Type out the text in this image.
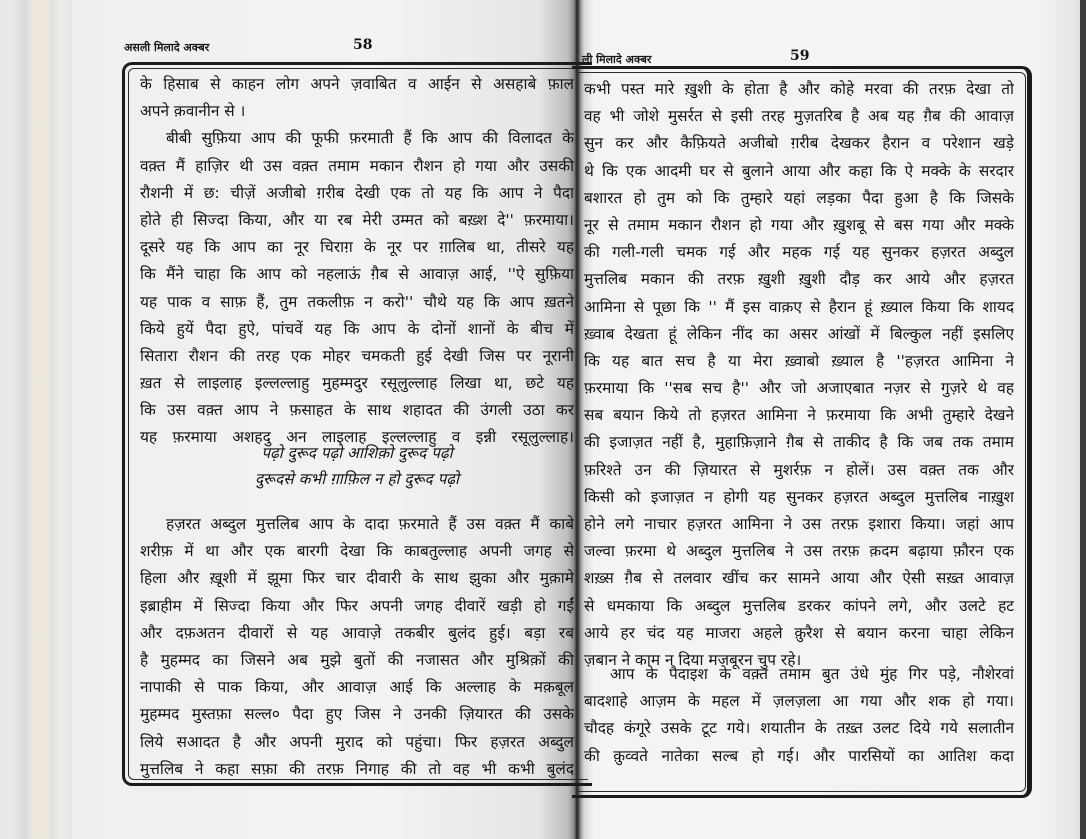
असली मिलादे अक्बर	58
ली मिलादे अक्बर	59
के हिसाब से काहन लोग अपने ज़वाबित व आईन से असहाबे फ़ाल
अपने क़वानीन से ।
बीबी सुफ़िया आप की फूफी फ़रमाती हैं कि आप की विलादत के
वक़्त मैं हाज़िर थी उस वक़्त तमाम मकान रौशन हो गया और उसकी
रौशनी में छ: चीज़ें अजीबो ग़रीब देखी एक तो यह कि आप ने पैदा
होते ही सिज्दा किया, और या रब मेरी उम्मत को बख़्श दे'' फ़रमाया।
दूसरे यह कि आप का नूर चिराग़ के नूर पर ग़ालिब था, तीसरे यह
कि मैंने चाहा कि आप को नहलाऊं ग़ैब से आवाज़ आई, ''ऐ सुफ़िया
यह पाक व साफ़ हैं, तुम तकलीफ़ न करो'' चौथे यह कि आप ख़तने
किये हुयें पैदा हुऐ, पांचवें यह कि आप के दोनों शानों के बीच में
सितारा रौशन की तरह एक मोहर चमकती हुई देखी जिस पर नूरानी
ख़त से लाइलाह इल्लल्लाहु मुहम्मदुर रसूलुल्लाह लिखा था, छटे यह
कि उस वक़्त आप ने फ़साहत के साथ शहादत की उंगली उठा कर
यह फ़रमाया अशहदु अन लाइलाह इल्लल्लाहु व इन्नी रसूलुल्लाह।
पढ़ो दुरूद पढ़ो आशिक़ो दुरूद पढ़ो
दुरूदसे कभी ग़ाफ़िल न हो दुरूद पढ़ो
हज़रत अब्दुल मुत्तलिब आप के दादा फ़रमाते हैं उस वक़्त मैं काबे
शरीफ़ में था और एक बारगी देखा कि काबतुल्लाह अपनी जगह से
हिला और ख़ूशी में झूमा फिर चार दीवारी के साथ झुका और मुक़ामे
इब्राहीम में सिज्दा किया और फिर अपनी जगह दीवारें खड़ी हो गईं
और दफ़अतन दीवारों से यह आवाज़े तकबीर बुलंद हुई। बड़ा रब
है मुहम्मद का जिसने अब मुझे बुतों की नजासत और मुश्रिक़ों की
नापाकी से पाक किया, और आवाज़ आई कि अल्लाह के मक़बूल
मुहम्मद मुस्तफ़ा सल्ल० पैदा हुए जिस ने उनकी ज़ियारत की उसके
लिये सआदत है और अपनी मुराद को पहुंचा। फिर हज़रत अब्दुल
मुत्तलिब ने कहा सफ़ा की तरफ़ निगाह की तो वह भी कभी बुलंद
कभी पस्त मारे ख़ुशी के होता है और कोहे मरवा की तरफ़ देखा तो
वह भी जोशे मुसर्रत से इसी तरह मुज़तरिब है अब यह ग़ैब की आवाज़
सुन कर और कैफ़ियते अजीबो ग़रीब देखकर हैरान व परेशान खड़े
थे कि एक आदमी घर से बुलाने आया और कहा कि ऐ मक्के के सरदार
बशारत हो तुम को कि तुम्हारे यहां लड़का पैदा हुआ है कि जिसके
नूर से तमाम मकान रौशन हो गया और ख़ुशबू से बस गया और मक्के
की गली-गली चमक गई और महक गई यह सुनकर हज़रत अब्दुल
मुत्तलिब मकान की तरफ़ ख़ुशी ख़ुशी दौड़ कर आये और हज़रत
आमिना से पूछा कि '' मैं इस वाक़ए से हैरान हूं ख़्याल किया कि शायद
ख़्वाब देखता हूं लेकिन नींद का असर आंखों में बिल्कुल नहीं इसलिए
कि यह बात सच है या मेरा ख़्वाबो ख़्याल है ''हज़रत आमिना ने
फ़रमाया कि ''सब सच है'' और जो अजाएबात नज़र से गुज़रे थे वह
सब बयान किये तो हज़रत आमिना ने फ़रमाया कि अभी तुम्हारे देखने
की इजाज़त नहीं है, मुहाफ़िज़ाने ग़ैब से ताकीद है कि जब तक तमाम
फ़रिश्ते उन की ज़ियारत से मुशर्रफ़ न होलें। उस वक़्त तक और
किसी को इजाज़त न होगी यह सुनकर हज़रत अब्दुल मुत्तलिब नाख़ुश
होने लगे नाचार हज़रत आमिना ने उस तरफ़ इशारा किया। जहां आप
जल्वा फ़रमा थे अब्दुल मुत्तलिब ने उस तरफ़ क़दम बढ़ाया फ़ौरन एक
शख़्स ग़ैब से तलवार खींच कर सामने आया और ऐसी सख़्त आवाज़
से धमकाया कि अब्दुल मुत्तलिब डरकर कांपने लगे, और उलटे हट
आये हर चंद यह माजरा अहले क़ुरैश से बयान करना चाहा लेकिन
ज़बान ने काम न दिया मजबूरन चुप रहे।
आप के पैदाइश के वक़्त तमाम बुत उंधे मुंह गिर पड़े, नौशेरवां
बादशाहे आज़म के महल में ज़लज़ला आ गया और शक हो गया।
चौदह कंगूरे उसके टूट गये। शयातीन के तख़्त उलट दिये गये सलातीन
की क़ुव्वते नातेका सल्ब हो गई। और पारसियों का आतिश कदा
